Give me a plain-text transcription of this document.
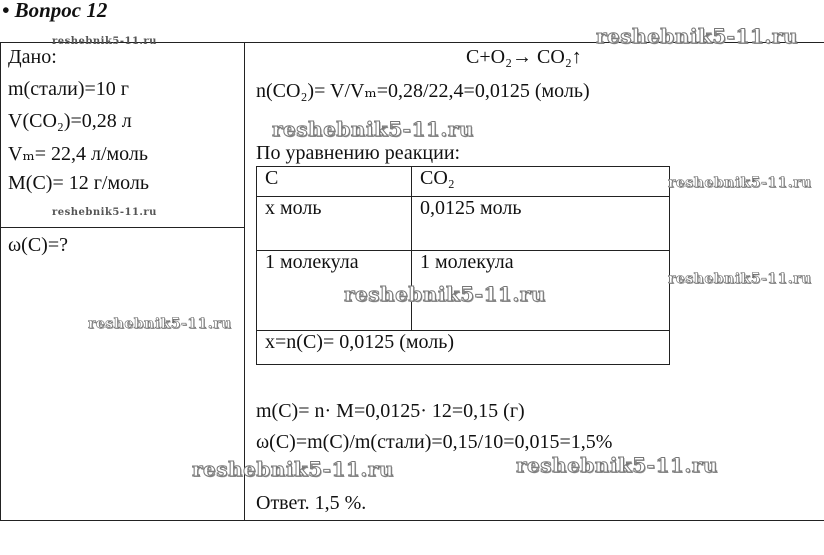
• Вопрос 12
Дано:
m(стали)=10 г
V(CO₂)=0,28 л
Vₘ= 22,4 л/моль
M(C)= 12 г/моль
ω(C)=?
C+O₂→ CO₂↑
n(CO₂)= V/Vₘ=0,28/22,4=0,0125 (моль)
По уравнению реакции:
C	CO₂
х моль	0,0125 моль
1 молекула	1 молекула
х=n(C)= 0,0125 (моль)	
m(C)= n· M=0,0125· 12=0,15 (г)
ω(C)=m(C)/m(стали)=0,15/10=0,015=1,5%
Ответ. 1,5 %.
reshebnik5-11.ru
reshebnik5-11.ru
reshebnik5-11.ru
reshebnik5-11.ru	reshebnik5-11.ru
reshebnik5-11.ru
reshebnik5-11.ru
reshebnik5-11.ru
reshebnik5-11.ru
reshebnik5-11.ru
